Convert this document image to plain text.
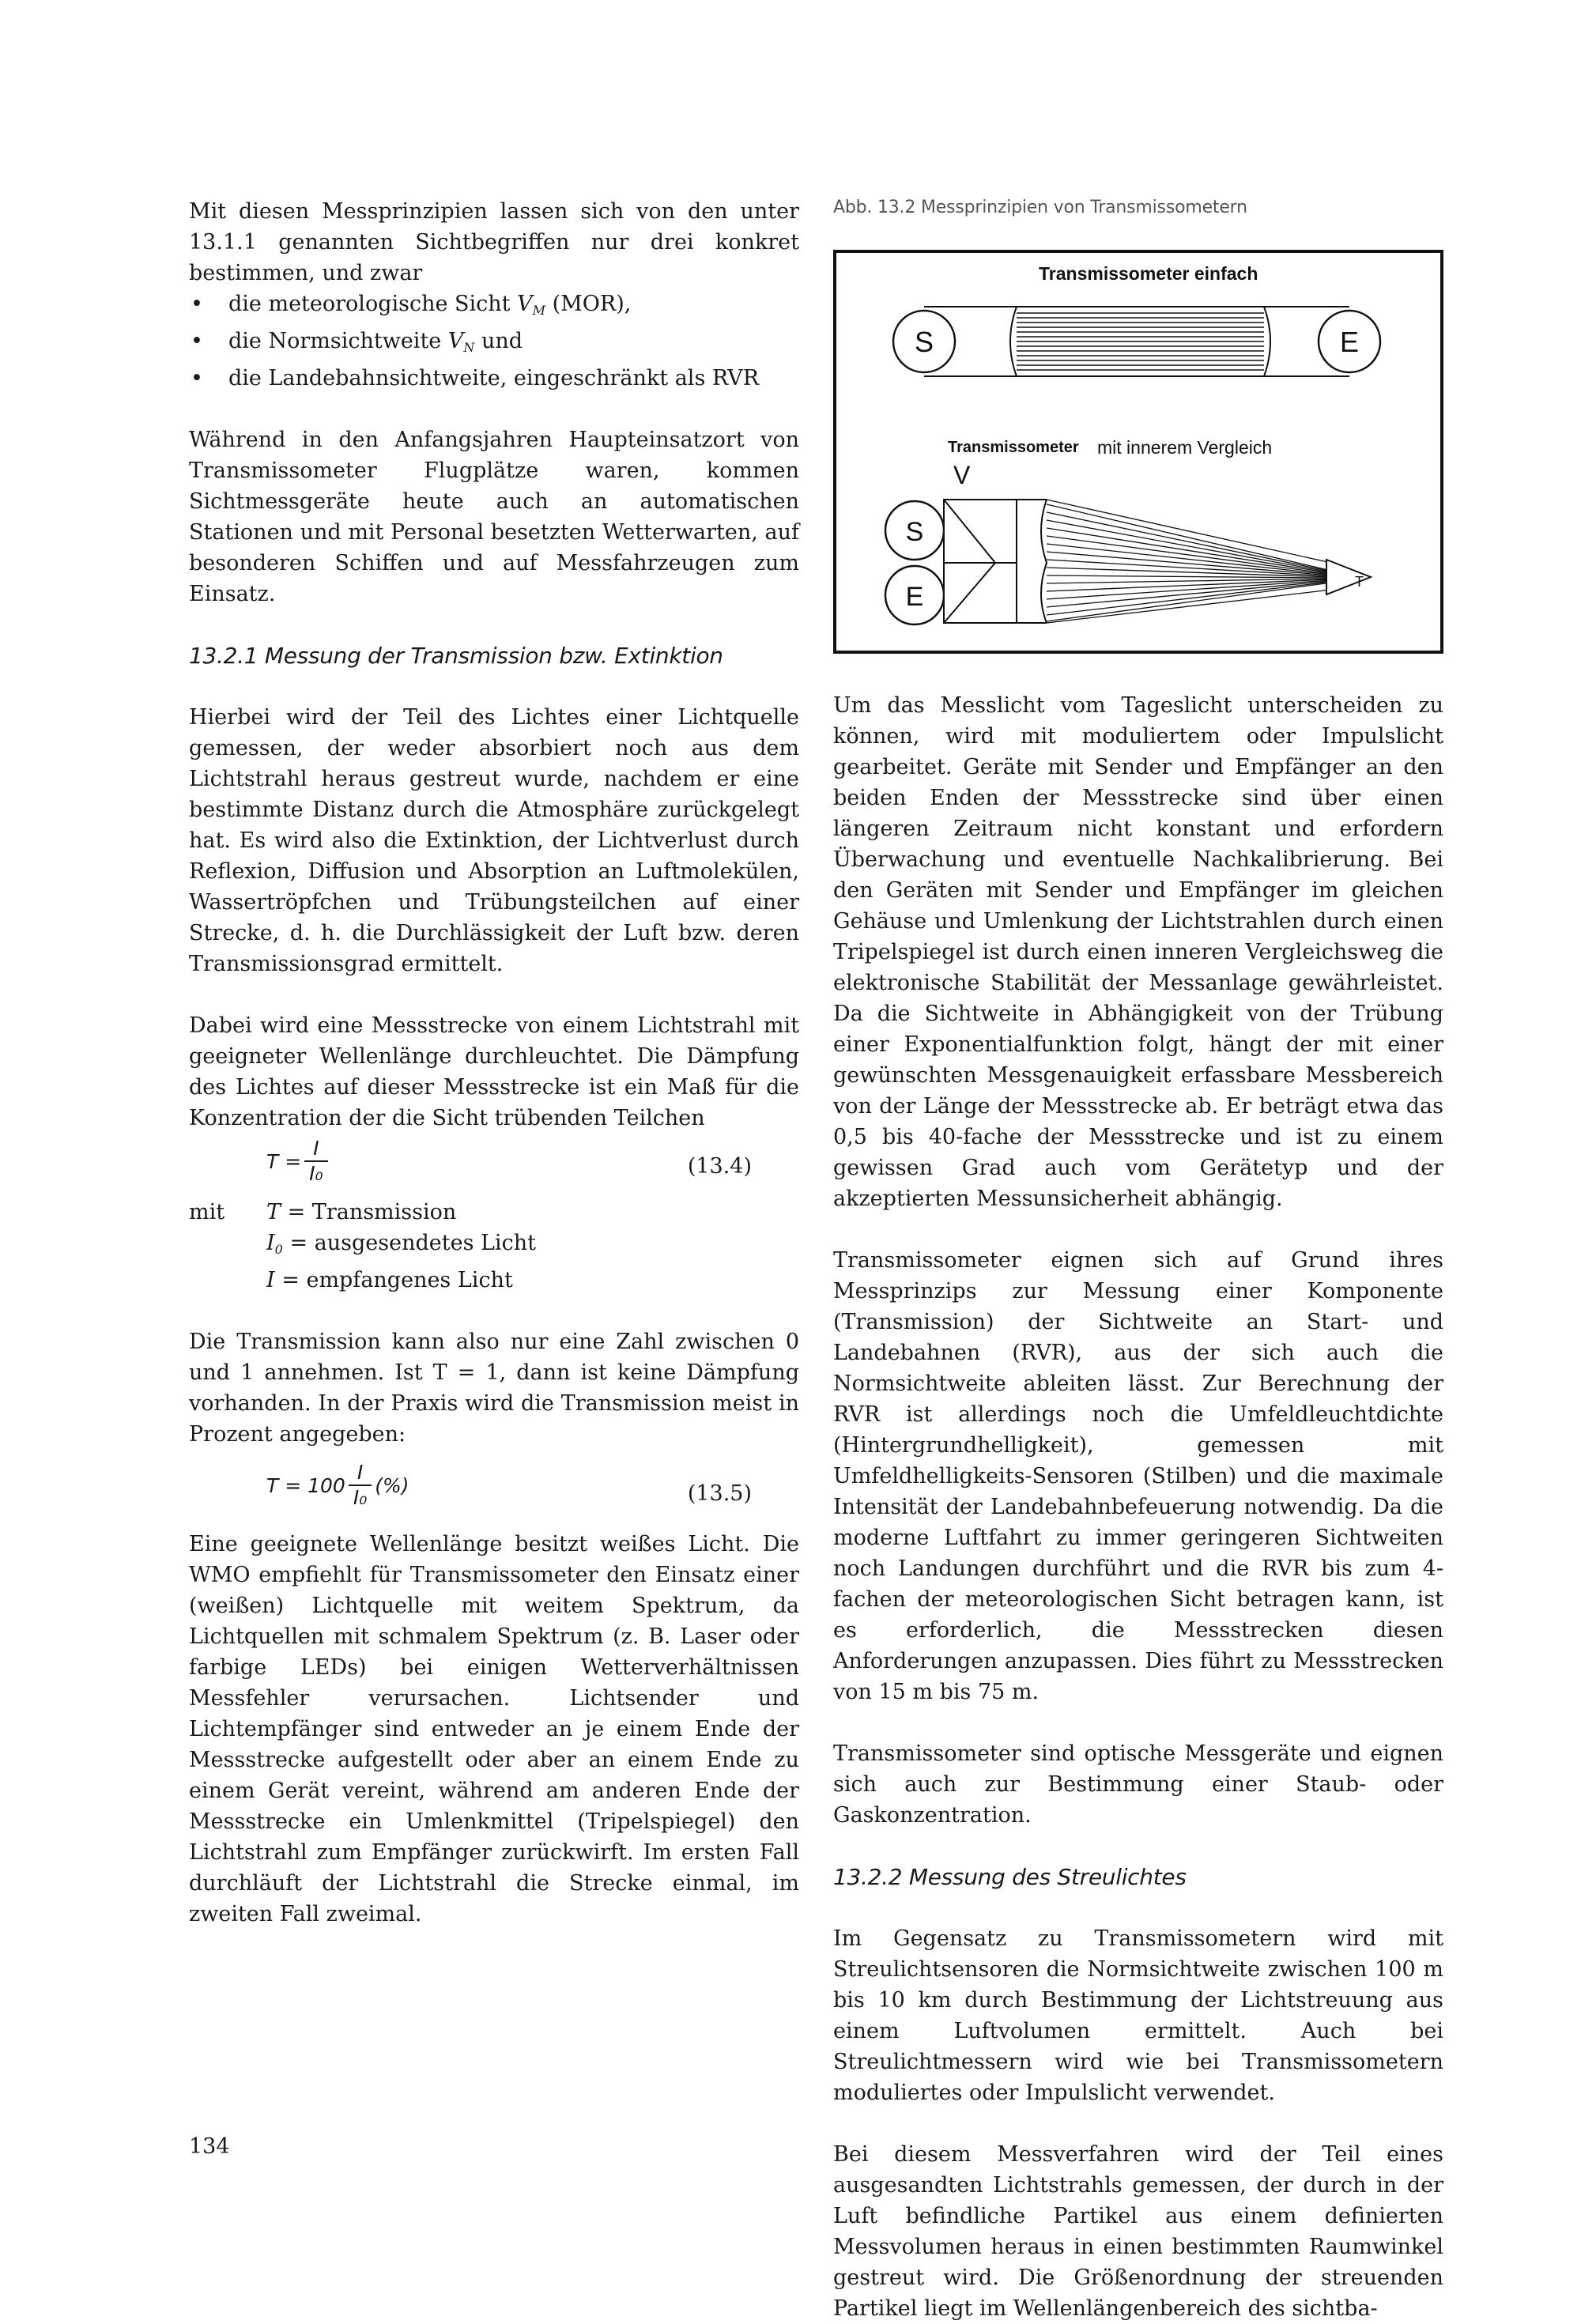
Mit diesen Messprinzipien lassen sich von den unter 13.1.1 genannten Sichtbegriffen nur drei konkret bestimmen, und zwar

• die meteorologische Sicht $V_M$ (MOR),
• die Normsichtweite $V_N$ und
• die Landebahnsichtweite, eingeschränkt als RVR

Während in den Anfangsjahren Haupteinsatzort von Transmissometer Flugplätze waren, kommen Sichtmessgeräte heute auch an automatischen Stationen und mit Personal besetzten Wetterwarten, auf besonderen Schiffen und auf Messfahrzeugen zum Einsatz.

13.2.1 Messung der Transmission bzw. Extinktion

Hierbei wird der Teil des Lichtes einer Lichtquelle gemessen, der weder absorbiert noch aus dem Lichtstrahl heraus gestreut wurde, nachdem er eine bestimmte Distanz durch die Atmosphäre zurückgelegt hat. Es wird also die Extinktion, der Lichtverlust durch Reflexion, Diffusion und Absorption an Luftmolekülen, Wassertröpfchen und Trübungsteilchen auf einer Strecke, d. h. die Durchlässigkeit der Luft bzw. deren Transmissionsgrad ermittelt.

Dabei wird eine Messstrecke von einem Lichtstrahl mit geeigneter Wellenlänge durchleuchtet. Die Dämpfung des Lichtes auf dieser Messstrecke ist ein Maß für die Konzentration der die Sicht trübenden Teilchen

$T = \frac{I}{\text{I₀}}$	(13.4)
mit T = Transmission
$I_0$ = ausgesendetes Licht
I = empfangenes Licht

Die Transmission kann also nur eine Zahl zwischen 0 und 1 annehmen. Ist T = 1, dann ist keine Dämpfung vorhanden. In der Praxis wird die Transmission meist in Prozent angegeben:

$T = 100 \frac{I}{\text{I₀}}$ (%)	(13.5)

Eine geeignete Wellenlänge besitzt weißes Licht. Die WMO empfiehlt für Transmissometer den Einsatz einer (weißen) Lichtquelle mit weitem Spektrum, da Lichtquellen mit schmalem Spektrum (z. B. Laser oder farbige LEDs) bei einigen Wetterverhältnissen Messfehler verursachen. Lichtsender und Lichtempfänger sind entweder an je einem Ende der Messstrecke aufgestellt oder aber an einem Ende zu einem Gerät vereint, während am anderen Ende der Messstrecke ein Umlenkmittel (Tripelspiegel) den Lichtstrahl zum Empfänger zurückwirft. Im ersten Fall durchläuft der Lichtstrahl die Strecke einmal, im zweiten Fall zweimal.

Abb. 13.2 Messprinzipien von Transmissometern
Transmissometer einfach
S	E
Transmissometer mit innerem Vergleich
V
S
E	T

Um das Messlicht vom Tageslicht unterscheiden zu können, wird mit moduliertem oder Impulslicht gearbeitet. Geräte mit Sender und Empfänger an den beiden Enden der Messstrecke sind über einen längeren Zeitraum nicht konstant und erfordern Überwachung und eventuelle Nachkalibrierung. Bei den Geräten mit Sender und Empfänger im gleichen Gehäuse und Umlenkung der Lichtstrahlen durch einen Tripelspiegel ist durch einen inneren Vergleichsweg die elektronische Stabilität der Messanlage gewährleistet. Da die Sichtweite in Abhängigkeit von der Trübung einer Exponentialfunktion folgt, hängt der mit einer gewünschten Messgenauigkeit erfassbare Messbereich von der Länge der Messstrecke ab. Er beträgt etwa das 0,5 bis 40-fache der Messstrecke und ist zu einem gewissen Grad auch vom Gerätetyp und der akzeptierten Messunsicherheit abhängig.

Transmissometer eignen sich auf Grund ihres Messprinzips zur Messung einer Komponente (Transmission) der Sichtweite an Start- und Landebahnen (RVR), aus der sich auch die Normsichtweite ableiten lässt. Zur Berechnung der RVR ist allerdings noch die Umfeldleuchtdichte (Hintergrundhelligkeit), gemessen mit Umfeldhelligkeits-Sensoren (Stilben) und die maximale Intensität der Landebahnbefeuerung notwendig. Da die moderne Luftfahrt zu immer geringeren Sichtweiten noch Landungen durchführt und die RVR bis zum 4-fachen der meteorologischen Sicht betragen kann, ist es erforderlich, die Messstrecken diesen Anforderungen anzupassen. Dies führt zu Messstrecken von 15 m bis 75 m.

Transmissometer sind optische Messgeräte und eignen sich auch zur Bestimmung einer Staub- oder Gaskonzentration.

13.2.2 Messung des Streulichtes

Im Gegensatz zu Transmissometern wird mit Streulichtsensoren die Normsichtweite zwischen 100 m bis 10 km durch Bestimmung der Lichtstreuung aus einem Luftvolumen ermittelt. Auch bei Streulichtmessern wird wie bei Transmissometern moduliertes oder Impulslicht verwendet.

Bei diesem Messverfahren wird der Teil eines ausgesandten Lichtstrahls gemessen, der durch in der Luft befindliche Partikel aus einem definierten Messvolumen heraus in einen bestimmten Raumwinkel gestreut wird. Die Größenordnung der streuenden Partikel liegt im Wellenlängenbereich des sichtba-

134
